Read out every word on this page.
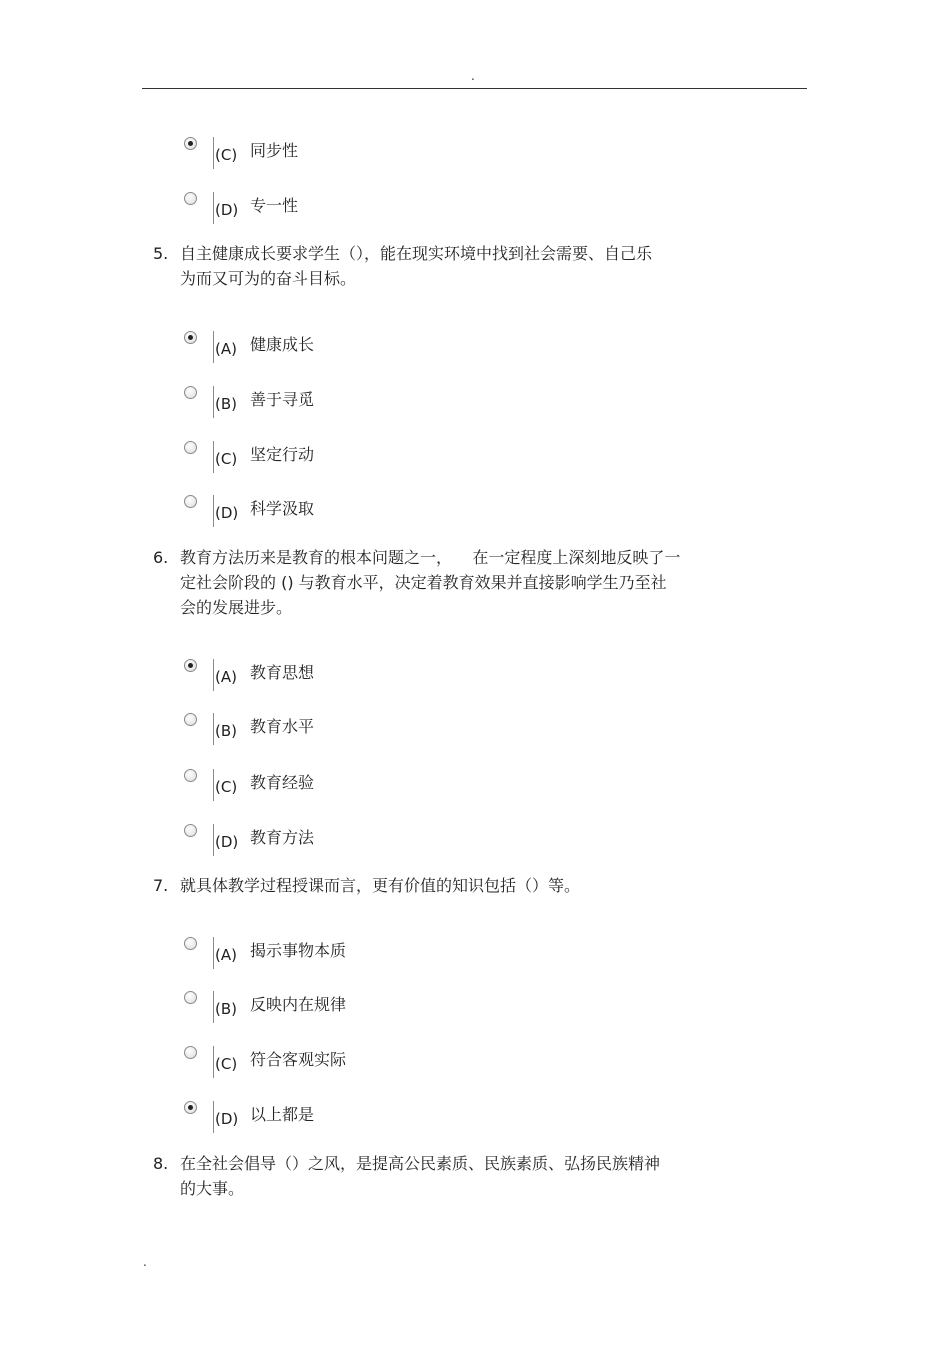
.
(C) 同步性
(D) 专一性
5. 自主健康成长要求学生（），能在现实环境中找到社会需要、自己乐
为而又可为的奋斗目标。
(A) 健康成长
(B) 善于寻觅
(C) 坚定行动
(D) 科学汲取
6. 教育方法历来是教育的根本问题之一，    在一定程度上深刻地反映了一
定社会阶段的 () 与教育水平，决定着教育效果并直接影响学生乃至社
会的发展进步。
(A) 教育思想
(B) 教育水平
(C) 教育经验
(D) 教育方法
7. 就具体教学过程授课而言，更有价值的知识包括（）等。
(A) 揭示事物本质
(B) 反映内在规律
(C) 符合客观实际
(D) 以上都是
8. 在全社会倡导（）之风，是提高公民素质、民族素质、弘扬民族精神
的大事。
.
